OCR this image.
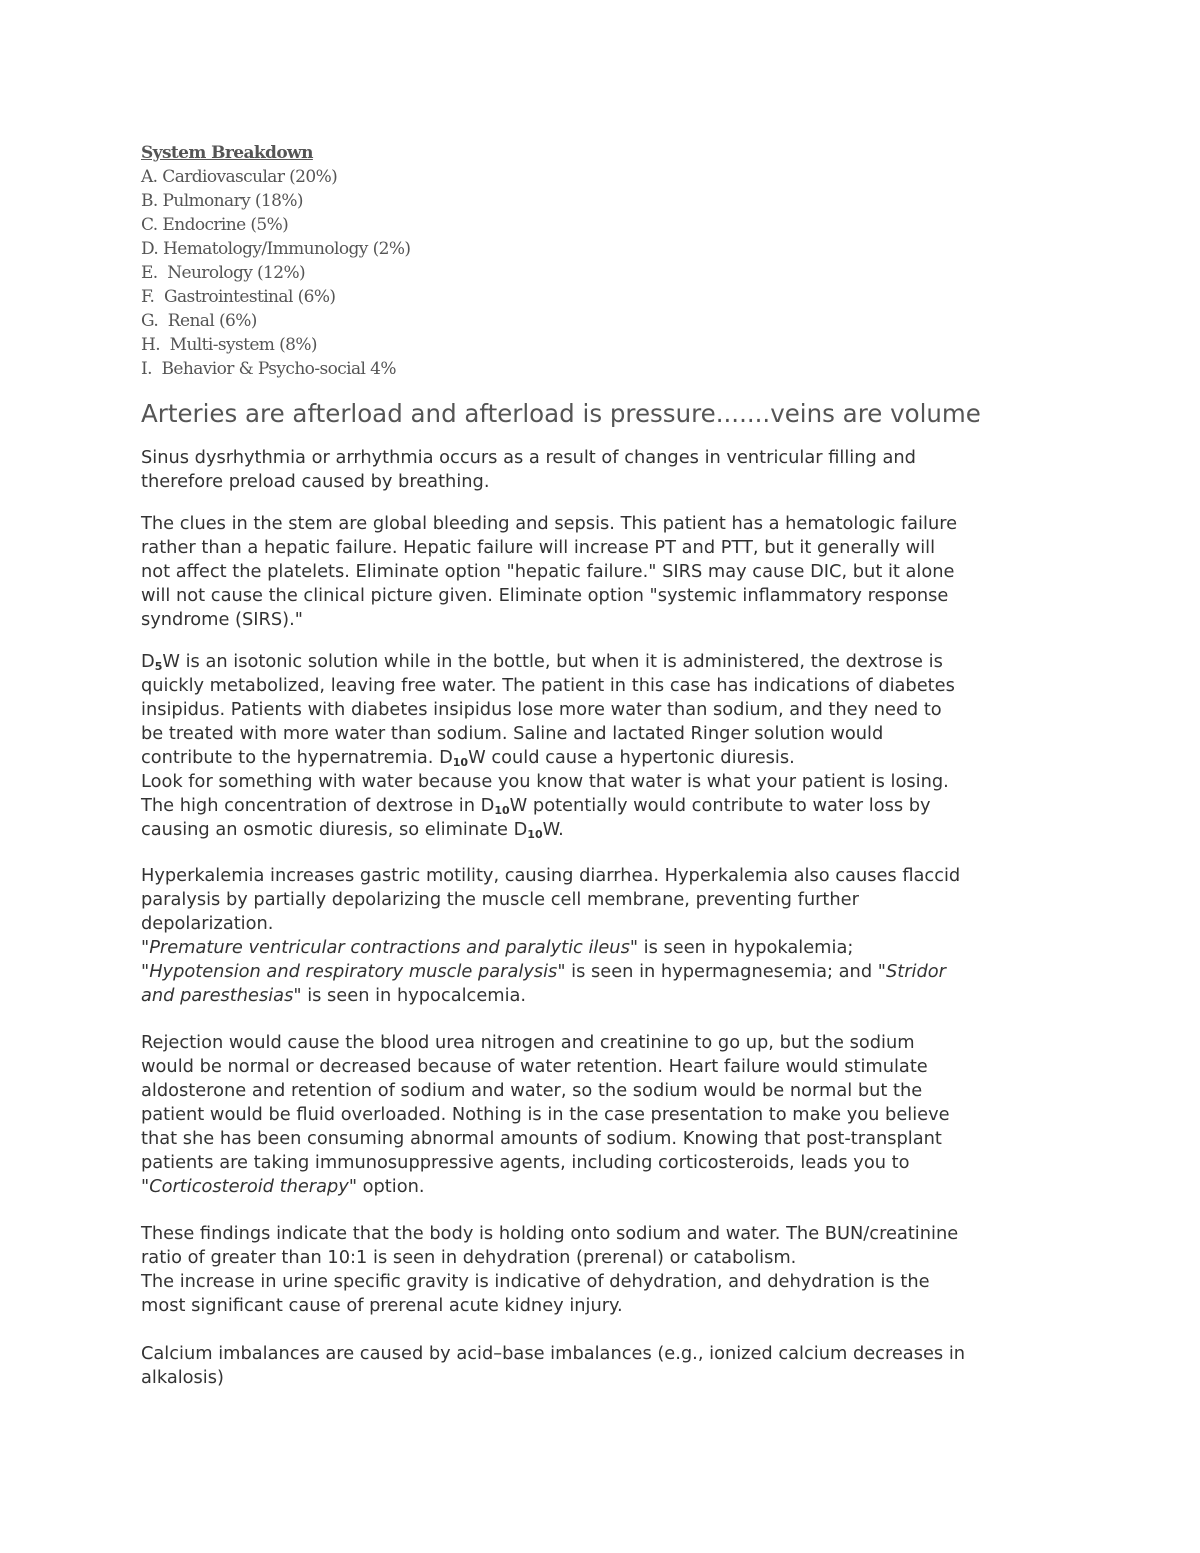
System Breakdown
A. Cardiovascular (20%)
B. Pulmonary (18%)
C. Endocrine (5%)
D. Hematology/Immunology (2%)
E.  Neurology (12%)
F.  Gastrointestinal (6%)
G.  Renal (6%)
H.  Multi-system (8%)
I.  Behavior & Psycho-social 4%
Arteries are afterload and afterload is pressure.......veins are volume
Sinus dysrhythmia or arrhythmia occurs as a result of changes in ventricular filling and
therefore preload caused by breathing.
The clues in the stem are global bleeding and sepsis. This patient has a hematologic failure
rather than a hepatic failure. Hepatic failure will increase PT and PTT, but it generally will
not affect the platelets. Eliminate option "hepatic failure." SIRS may cause DIC, but it alone
will not cause the clinical picture given. Eliminate option "systemic inflammatory response
syndrome (SIRS)."
$D_5W$ is an isotonic solution while in the bottle, but when it is administered, the dextrose is
quickly metabolized, leaving free water. The patient in this case has indications of diabetes
insipidus. Patients with diabetes insipidus lose more water than sodium, and they need to
be treated with more water than sodium. Saline and lactated Ringer solution would
contribute to the hypernatremia. $D_{10}W$ could cause a hypertonic diuresis.
Look for something with water because you know that water is what your patient is losing.
The high concentration of dextrose in $D_{10}W$ potentially would contribute to water loss by
causing an osmotic diuresis, so eliminate $D_{10}W$.
Hyperkalemia increases gastric motility, causing diarrhea. Hyperkalemia also causes flaccid
paralysis by partially depolarizing the muscle cell membrane, preventing further
depolarization.
"Premature ventricular contractions and paralytic ileus" is seen in hypokalemia;
"Hypotension and respiratory muscle paralysis" is seen in hypermagnesemia; and "Stridor
and paresthesias" is seen in hypocalcemia.
Rejection would cause the blood urea nitrogen and creatinine to go up, but the sodium
would be normal or decreased because of water retention. Heart failure would stimulate
aldosterone and retention of sodium and water, so the sodium would be normal but the
patient would be fluid overloaded. Nothing is in the case presentation to make you believe
that she has been consuming abnormal amounts of sodium. Knowing that post-transplant
patients are taking immunosuppressive agents, including corticosteroids, leads you to
"Corticosteroid therapy" option.
These findings indicate that the body is holding onto sodium and water. The BUN/creatinine
ratio of greater than 10:1 is seen in dehydration (prerenal) or catabolism.
The increase in urine specific gravity is indicative of dehydration, and dehydration is the
most significant cause of prerenal acute kidney injury.
Calcium imbalances are caused by acid–base imbalances (e.g., ionized calcium decreases in
alkalosis)
